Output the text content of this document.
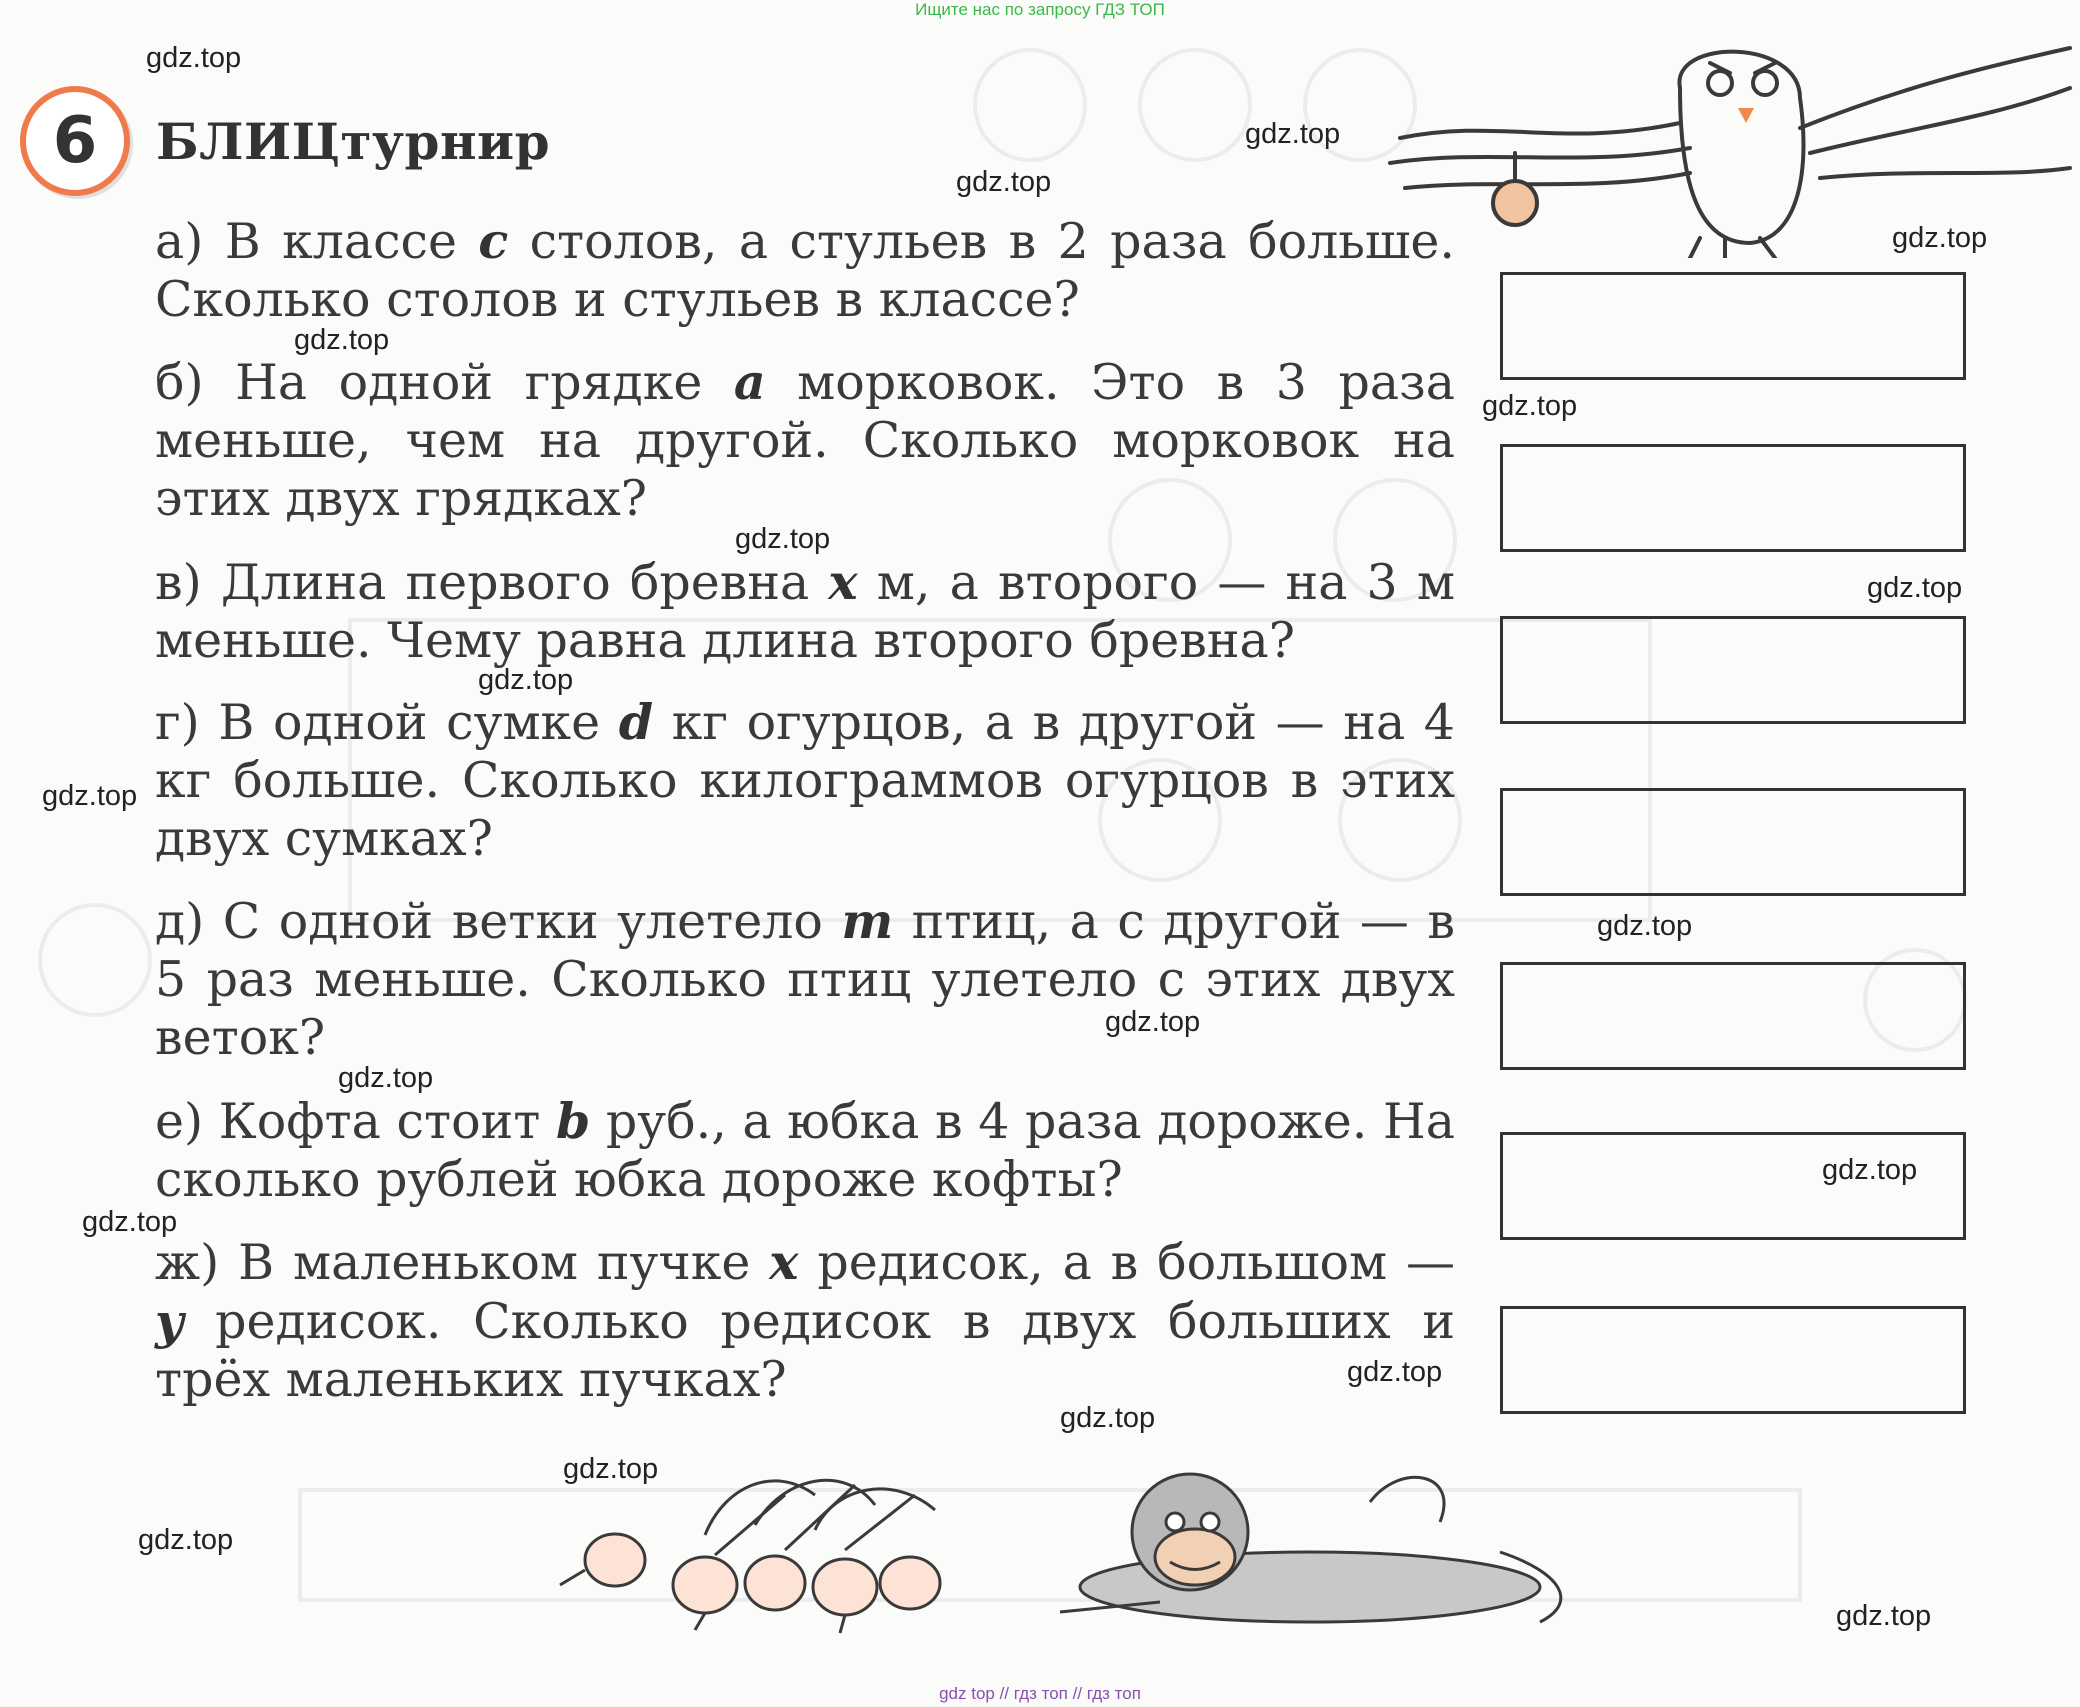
Ищите нас по запросу ГДЗ ТОП
6 БЛИЦтурнир
а) В классе c столов, а стульев в 2 раза больше. Сколько столов и стульев в классе?
б) На одной грядке a морковок. Это в 3 раза меньше, чем на другой. Сколько морковок на этих двух грядках?
в) Длина первого бревна x м, а второго — на 3 м меньше. Чему равна длина второго бревна?
г) В одной сумке d кг огурцов, а в другой — на 4 кг больше. Сколько килограммов огурцов в этих двух сумках?
д) С одной ветки улетело m птиц, а с другой — в 5 раз меньше. Сколько птиц улетело с этих двух веток?
е) Кофта стоит b руб., а юбка в 4 раза дороже. На сколько рублей юбка дороже кофты?
ж) В маленьком пучке x редисок, а в большом — y редисок. Сколько редисок в двух больших и трёх маленьких пучках?
gdz.top
gdz.top
gdz.top
gdz.top
gdz.top
gdz.top
gdz.top
gdz.top
gdz.top
gdz.top
gdz.top
gdz.top
gdz.top
gdz.top
gdz.top
gdz.top
gdz.top
gdz.top
gdz.top
gdz.top
gdz top // гдз топ // гдз топ
